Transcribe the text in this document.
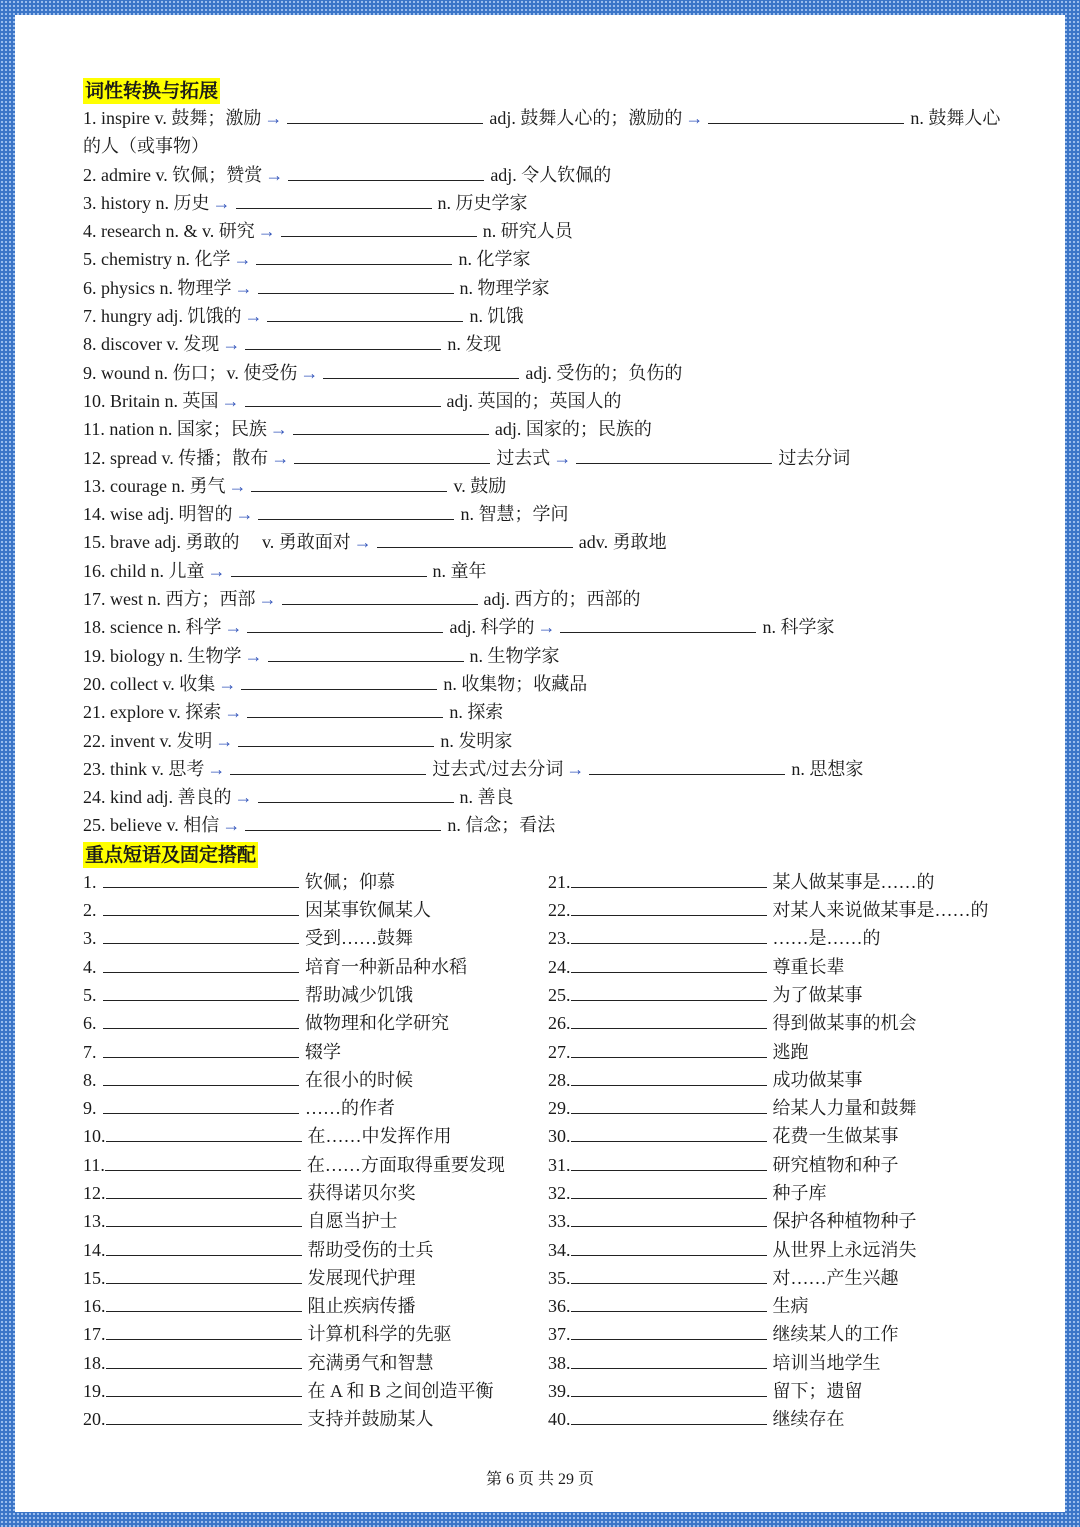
词性转换与拓展
1. inspire v. 鼓舞；激励 →	adj. 鼓舞人心的；激励的 →	n. 鼓舞人心的人（或事物）
2. admire v. 钦佩；赞赏 →	adj. 令人钦佩的
3. history n. 历史 →	n. 历史学家
4. research n. & v. 研究 →	n. 研究人员
5. chemistry n. 化学 →	n. 化学家
6. physics n. 物理学 →	n. 物理学家
7. hungry adj. 饥饿的 →	n. 饥饿
8. discover v. 发现 →	n. 发现
9. wound n. 伤口；v. 使受伤 →	adj. 受伤的；负伤的
10. Britain n. 英国 →	adj. 英国的；英国人的
11. nation n. 国家；民族 →	adj. 国家的；民族的
12. spread v. 传播；散布 →	过去式 →	过去分词
13. courage n. 勇气 →	v. 鼓励
14. wise adj. 明智的 →	n. 智慧；学问
15. brave adj. 勇敢的　 v. 勇敢面对 →	adv. 勇敢地
16. child n. 儿童 →	n. 童年
17. west n. 西方；西部 →	adj. 西方的；西部的
18. science n. 科学 →	adj. 科学的 →	n. 科学家
19. biology n. 生物学 →	n. 生物学家
20. collect v. 收集 →	n. 收集物；收藏品
21. explore v. 探索 →	n. 探索
22. invent v. 发明 →	n. 发明家
23. think v. 思考 →	过去式/过去分词 →	n. 思想家
24. kind adj. 善良的 →	n. 善良
25. believe v. 相信 →	n. 信念；看法
重点短语及固定搭配
1.	钦佩；仰慕
2.	因某事钦佩某人
3.	受到……鼓舞
4.	培育一种新品种水稻
5.	帮助减少饥饿
6.	做物理和化学研究
7.	辍学
8.	在很小的时候
9.	……的作者
10.	在……中发挥作用
11.	在……方面取得重要发现
12.	获得诺贝尔奖
13.	自愿当护士
14.	帮助受伤的士兵
15.	发展现代护理
16.	阻止疾病传播
17.	计算机科学的先驱
18.	充满勇气和智慧
19.	在 A 和 B 之间创造平衡
20.	支持并鼓励某人
21.	某人做某事是……的
22.	对某人来说做某事是……的
23.	……是……的
24.	尊重长辈
25.	为了做某事
26.	得到做某事的机会
27.	逃跑
28.	成功做某事
29.	给某人力量和鼓舞
30.	花费一生做某事
31.	研究植物和种子
32.	种子库
33.	保护各种植物种子
34.	从世界上永远消失
35.	对……产生兴趣
36.	生病
37.	继续某人的工作
38.	培训当地学生
39.	留下；遗留
40.	继续存在
第 6 页 共 29 页
